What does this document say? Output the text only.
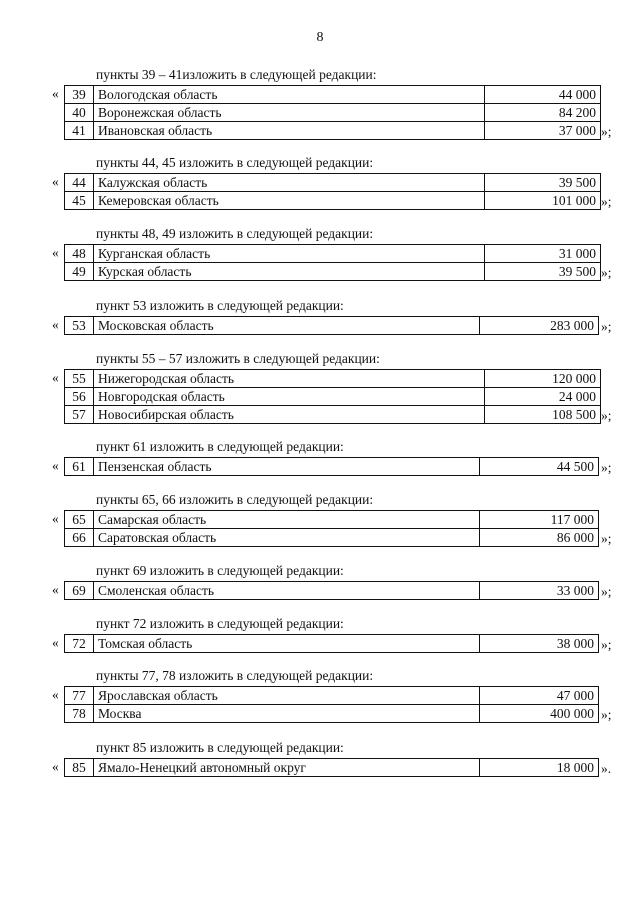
8
пункты 39 – 41изложить в следующей редакции:
« 39	Вологодская область	44 000
40	Воронежская область	84 200
41	Ивановская область	37 000 »;
пункты 44, 45 изложить в следующей редакции:
« 44	Калужская область	39 500
45	Кемеровская область	101 000 »;
пункты 48, 49 изложить в следующей редакции:
« 48	Курганская область	31 000
49	Курская область	39 500 »;
пункт 53 изложить в следующей редакции:
« 53	Московская область	283 000 »;
пункты 55 – 57 изложить в следующей редакции:
« 55	Нижегородская область	120 000
56	Новгородская область	24 000
57	Новосибирская область	108 500 »;
пункт 61 изложить в следующей редакции:
« 61	Пензенская область	44 500 »;
пункты 65, 66 изложить в следующей редакции:
« 65	Самарская область	117 000
66	Саратовская область	86 000 »;
пункт 69 изложить в следующей редакции:
« 69	Смоленская область	33 000 »;
пункт 72 изложить в следующей редакции:
« 72	Томская область	38 000 »;
пункты 77, 78 изложить в следующей редакции:
« 77	Ярославская область	47 000
78	Москва	400 000 »;
пункт 85 изложить в следующей редакции:
« 85	Ямало-Ненецкий автономный округ	18 000 ».
